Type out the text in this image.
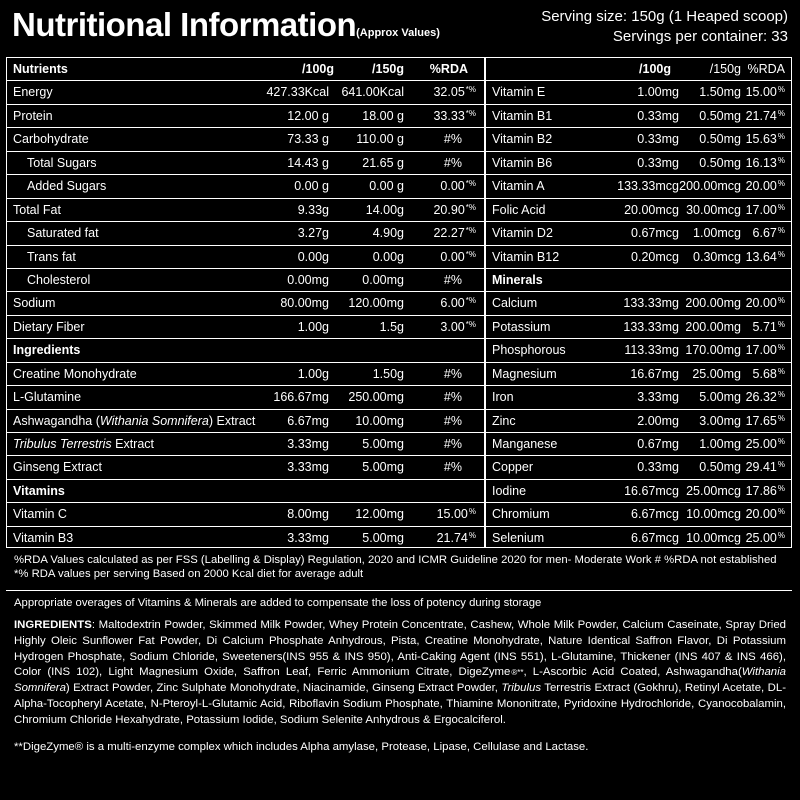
Nutritional Information(Approx Values)
Serving size: 150g (1 Heaped scoop)
Servings per container: 33
Nutrients	/100g	/150g %RDA
Energy	427.33Kcal 641.00Kcal 32.05*%
Protein	12.00 g	18.00 g 33.33*%
Carbohydrate	73.33 g 110.00 g	#%
Total Sugars	14.43 g	21.65 g	#%
Added Sugars	0.00 g	0.00 g	0.00*%
Total Fat	9.33g	14.00g 20.90*%
Saturated fat	3.27g	4.90g 22.27*%
Trans fat	0.00g	0.00g	0.00*%
Cholesterol	0.00mg	0.00mg	#%
Sodium	80.00mg 120.00mg	6.00*%
Dietary Fiber	1.00g	1.5g	3.00*%
Ingredients
Creatine Monohydrate	1.00g	1.50g	#%
L-Glutamine	166.67mg 250.00mg	#%
Ashwagandha (Withania Somnifera) Extract	6.67mg 10.00mg	#%
Tribulus Terrestris Extract	3.33mg	5.00mg	#%
Ginseng Extract	3.33mg	5.00mg	#%
Vitamins
Vitamin C	8.00mg 12.00mg	15.00%
Vitamin B3	3.33mg	5.00mg	21.74%
/100g	/150g %RDA
Vitamin E	1.00mg 1.50mg 15.00%
Vitamin B1	0.33mg 0.50mg 21.74%
Vitamin B2	0.33mg 0.50mg 15.63%
Vitamin B6	0.33mg 0.50mg 16.13%
Vitamin A	133.33mcg 200.00mcg 20.00%
Folic Acid	20.00mcg 30.00mcg 17.00%
Vitamin D2	0.67mcg 1.00mcg 6.67%
Vitamin B12	0.20mcg 0.30mcg 13.64%
Minerals
Calcium	133.33mg 200.00mg 20.00%
Potassium	133.33mg 200.00mg 5.71%
Phosphorous	113.33mg 170.00mg 17.00%
Magnesium	16.67mg 25.00mg 5.68%
Iron	3.33mg 5.00mg 26.32%
Zinc	2.00mg 3.00mg 17.65%
Manganese	0.67mg 1.00mg 25.00%
Copper	0.33mg 0.50mg 29.41%
Iodine	16.67mcg 25.00mcg 17.86%
Chromium	6.67mcg 10.00mcg 20.00%
Selenium	6.67mcg 10.00mcg 25.00%
%RDA Values calculated as per FSS (Labelling & Display) Regulation, 2020 and ICMR Guideline 2020 for men- Moderate Work # %RDA not established
*% RDA values per serving Based on 2000 Kcal diet for average adult
Appropriate overages of Vitamins & Minerals are added to compensate the loss of potency during storage
INGREDIENTS: Maltodextrin Powder, Skimmed Milk Powder, Whey Protein Concentrate, Cashew, Whole Milk Powder, Calcium Caseinate, Spray Dried Highly Oleic Sunflower Fat Powder, Di Calcium Phosphate Anhydrous, Pista, Creatine Monohydrate, Nature Identical Saffron Flavor, Di Potassium Hydrogen Phosphate, Sodium Chloride, Sweeteners(INS 955 & INS 950), Anti-Caking Agent (INS 551), L-Glutamine, Thickener (INS 407 & INS 466), Color (INS 102), Light Magnesium Oxide, Saffron Leaf, Ferric Ammonium Citrate, DigeZyme®**, L-Ascorbic Acid Coated, Ashwagandha(Withania Somnifera) Extract Powder, Zinc Sulphate Monohydrate, Niacinamide, Ginseng Extract Powder, Tribulus Terrestris Extract (Gokhru), Retinyl Acetate, DL-Alpha-Tocopheryl Acetate, N-Pteroyl-L-Glutamic Acid, Riboflavin Sodium Phosphate, Thiamine Mononitrate, Pyridoxine Hydrochloride, Cyanocobalamin, Chromium Chloride Hexahydrate, Potassium Iodide, Sodium Selenite Anhydrous & Ergocalciferol.
**DigeZyme® is a multi-enzyme complex which includes Alpha amylase, Protease, Lipase, Cellulase and Lactase.
